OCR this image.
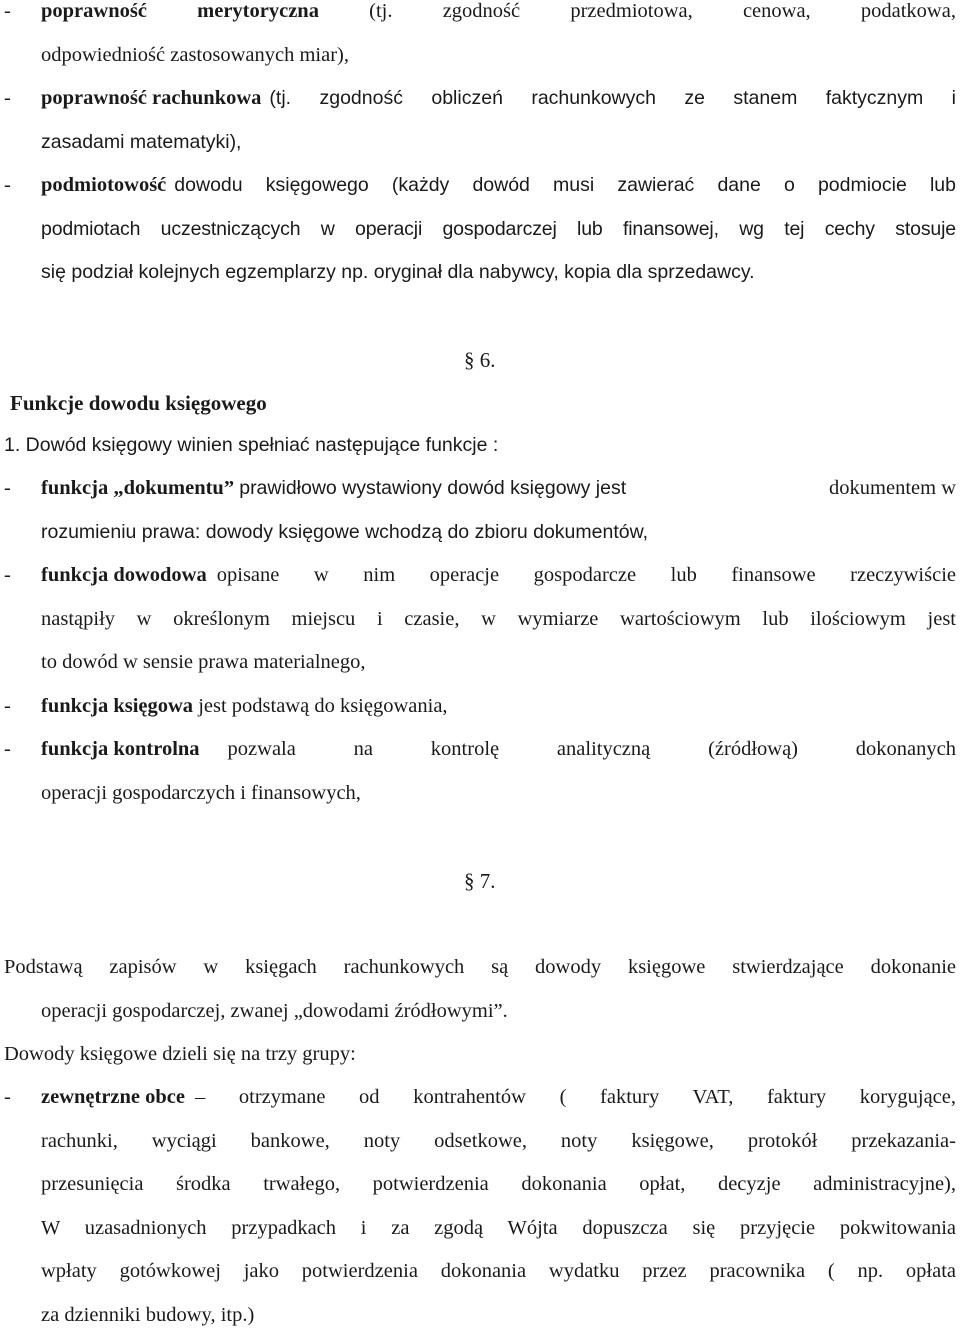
- poprawność merytoryczna (tj. zgodność przedmiotowa, cenowa, podatkowa,
odpowiedniość zastosowanych miar),
- poprawność rachunkowa (tj. zgodność obliczeń rachunkowych ze stanem faktycznym i
zasadami matematyki),
- podmiotowość dowodu księgowego (każdy dowód musi zawierać dane o podmiocie lub
podmiotach uczestniczących w operacji gospodarczej lub finansowej, wg tej cechy stosuje
się podział kolejnych egzemplarzy np. oryginał dla nabywcy, kopia dla sprzedawcy.
§ 6.
Funkcje dowodu księgowego
1. Dowód księgowy winien spełniać następujące funkcje :
- funkcja „dokumentu” prawidłowo wystawiony dowód księgowy jest	dokumentem w
rozumieniu prawa: dowody księgowe wchodzą do zbioru dokumentów,
- funkcja dowodowa opisane w nim operacje gospodarcze lub finansowe rzeczywiście
nastąpiły w określonym miejscu i czasie, w wymiarze wartościowym lub ilościowym jest
to dowód w sensie prawa materialnego,
- funkcja księgowa jest podstawą do księgowania,
- funkcja kontrolna pozwala na kontrolę analityczną (źródłową) dokonanych
operacji gospodarczych i finansowych,
§ 7.
Podstawą zapisów w księgach rachunkowych są dowody księgowe stwierdzające dokonanie
operacji gospodarczej, zwanej „dowodami źródłowymi”.
Dowody księgowe dzieli się na trzy grupy:
- zewnętrzne obce – otrzymane od kontrahentów ( faktury VAT, faktury korygujące,
rachunki, wyciągi bankowe, noty odsetkowe, noty księgowe, protokół przekazania-
przesunięcia środka trwałego, potwierdzenia dokonania opłat, decyzje administracyjne),
W uzasadnionych przypadkach i za zgodą Wójta dopuszcza się przyjęcie pokwitowania
wpłaty gotówkowej jako potwierdzenia dokonania wydatku przez pracownika ( np. opłata
za dzienniki budowy, itp.)
